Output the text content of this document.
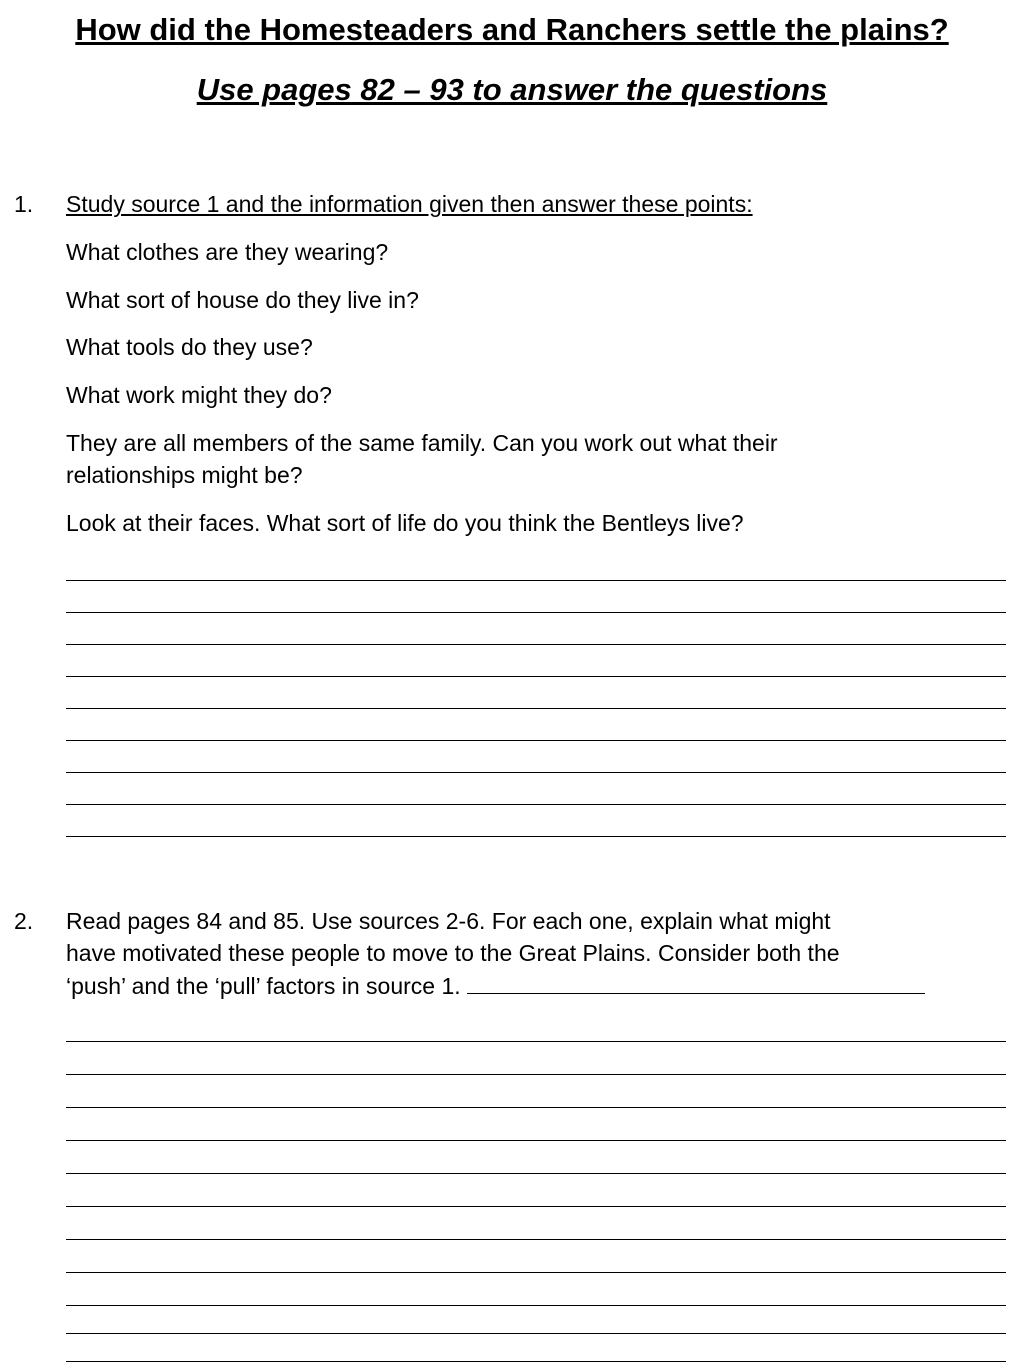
How did the Homesteaders and Ranchers settle the plains?
Use pages 82 – 93 to answer the questions
1. Study source 1 and the information given then answer these points:
What clothes are they wearing?
What sort of house do they live in?
What tools do they use?
What work might they do?
They are all members of the same family. Can you work out what their
relationships might be?
Look at their faces. What sort of life do you think the Bentleys live?
2. Read pages 84 and 85. Use sources 2-6. For each one, explain what might
have motivated these people to move to the Great Plains. Consider both the
‘push’ and the ‘pull’ factors in source 1.
